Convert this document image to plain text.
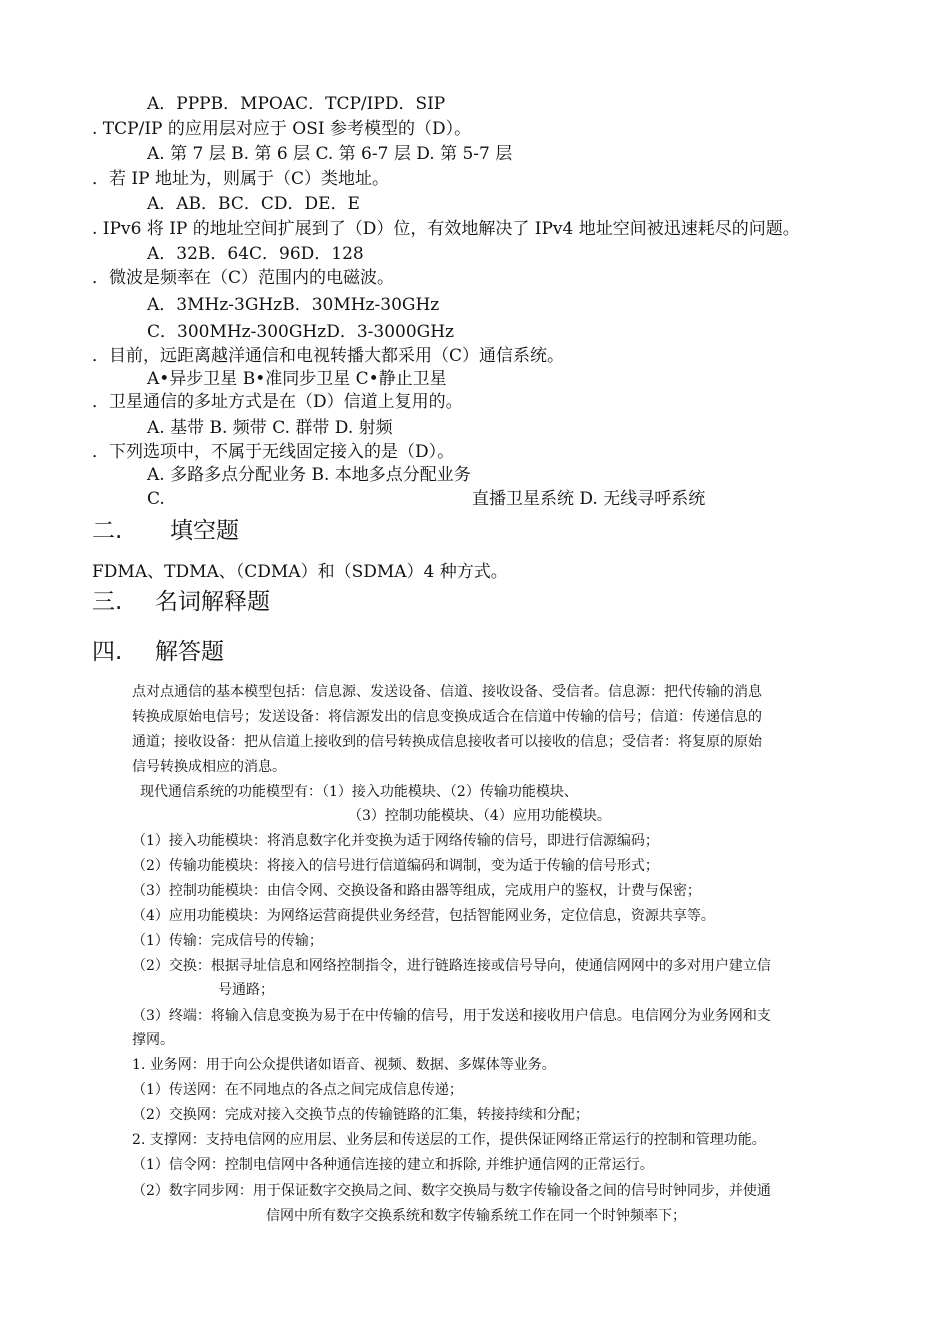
A．PPPB．MPOAC．TCP/IPD．SIP
. TCP/IP 的应用层对应于 OSI 参考模型的（D）。
A. 第 7 层 B. 第 6 层 C. 第 6-7 层 D. 第 5-7 层
．若 IP 地址为，则属于（C）类地址。
A．AB．BC．CD．DE．E
. IPv6 将 IP 的地址空间扩展到了（D）位，有效地解决了 IPv4 地址空间被迅速耗尽的问题。
A．32B．64C．96D．128
．微波是频率在（C）范围内的电磁波。
A．3MHz-3GHzB．30MHz-30GHz
C．300MHz-300GHzD．3-3000GHz
．目前，远距离越洋通信和电视转播大都采用（C）通信系统。
A•异步卫星 B•准同步卫星 C•静止卫星
．卫星通信的多址方式是在（D）信道上复用的。
A. 基带 B. 频带 C. 群带 D. 射频
．下列选项中，不属于无线固定接入的是（D）。
A. 多路多点分配业务 B. 本地多点分配业务
C.	直播卫星系统 D. 无线寻呼系统
二. 填空题
FDMA、TDMA、（CDMA）和（SDMA）4 种方式。
三. 名词解释题
四. 解答题
点对点通信的基本模型包括：信息源、发送设备、信道、接收设备、受信者。信息源：把代传输的消息
转换成原始电信号；发送设备：将信源发出的信息变换成适合在信道中传输的信号；信道：传递信息的
通道；接收设备：把从信道上接收到的信号转换成信息接收者可以接收的信息；受信者：将复原的原始
信号转换成相应的消息。
现代通信系统的功能模型有：（1）接入功能模块、（2）传输功能模块、
（3）控制功能模块、（4）应用功能模块。
（1）接入功能模块：将消息数字化并变换为适于网络传输的信号，即进行信源编码；
（2）传输功能模块：将接入的信号进行信道编码和调制，变为适于传输的信号形式；
（3）控制功能模块：由信令网、交换设备和路由器等组成，完成用户的鉴权，计费与保密；
（4）应用功能模块：为网络运营商提供业务经营，包括智能网业务，定位信息，资源共享等。
（1）传输：完成信号的传输；
（2）交换：根据寻址信息和网络控制指令，进行链路连接或信号导向，使通信网网中的多对用户建立信
号通路；
（3）终端：将输入信息变换为易于在中传输的信号，用于发送和接收用户信息。电信网分为业务网和支
撑网。
1. 业务网：用于向公众提供诸如语音、视频、数据、多媒体等业务。
（1）传送网：在不同地点的各点之间完成信息传递；
（2）交换网：完成对接入交换节点的传输链路的汇集，转接持续和分配；
2. 支撑网：支持电信网的应用层、业务层和传送层的工作，提供保证网络正常运行的控制和管理功能。
（1）信令网：控制电信网中各种通信连接的建立和拆除, 并维护通信网的正常运行。
（2）数字同步网：用于保证数字交换局之间、数字交换局与数字传输设备之间的信号时钟同步，并使通
信网中所有数字交换系统和数字传输系统工作在同一个时钟频率下；
